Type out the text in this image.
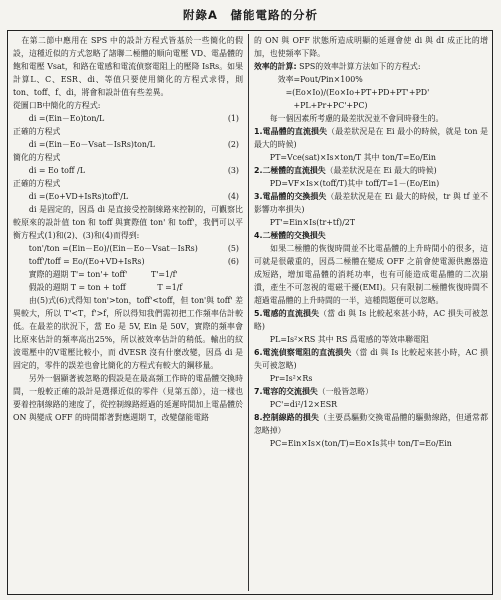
附錄A　儲能電路的分析

　在第二節中應用在 SPS 中的設計方程式皆基於一些簡化的假設，這種近似的方式忽略了諸聯二極體的順向電壓 VD、電晶體的飽和電壓 Vsat，和路在電感和電流偵察電阻上的壓降 IsRs。如果計算L、C、ESR、di、等值只要使用簡化的方程式求得，則 ton、toff、f、di，將會和設計值有些差異。

從圖口B中簡化的方程式:

　　di =(Ein－Eo)ton/L	(1)

正確的方程式

　　di =(Ein－Eo－Vsat－IsRs)ton/L	(2)

簡化的方程式

　　di = Eo toff /L	(3)

正確的方程式

　　di =(Eo+VD+IsRs)toff'/L	(4)

　　di 是固定的，因爲 di 是直接受控制線路來控制的，可觀察比較原來的設計值 ton 和 toff 與實際值 ton' 和 toff'，我們可以平衡方程式(1)和(2)、(3)和(4)而得到:

　　ton'/ton =(Ein－Eo)/(Ein－Eo－Vsat－IsRs)	(5)
　　toff'/toff = Eo/(Eo+VD+IsRs)	(6)
　　實際的週期 T'= ton'+ toff'　　　T'=1/f'
　　假設的週期 T = ton + toff　　　　T =1/f

　　由(5)式(6)式得知 ton'>ton，toff'<toff，但 ton'與 toff' 差異較大，所以 T'<T，f'>f，所以得知我們需初把工作頻率估計較低。在最差的狀況下，當 Eo 是 5V, Ein 是 50V，實際的頻率會比原來估計的頻率高出25%，所以被效率估計的稍低。輸出的紋波電壓中的V電壓比較小，而 dVESR 沒有什麼改變，因爲 di 是固定的，零件的誤差也會比簡化的方程式有較大的鋼移量。

　　另外一個顯著被忽略的假設是在最高頻工作時的電晶體交換時間，一般較正確的設計是選擇近似的零件（見第五節），這一樣也要着控制線路的速度了，從控制線路經過的延遲時間加上電晶體於 ON 與變成 OFF 的時間都著對應週期 T，改變儲能電路

的 ON 與 OFF 狀態所造成明顯的延遲會使 di 與 dI 成正比的增加，也使頻率下降。

效率的計算: SPS的效率計算方法如下的方程式:

　　　效率=Pout/Pin×100%
　　　　=(Eo×Io)/(Eo×Io+PT+PD+PT'+PD'
　　　　　+PL+Pr+PC'+PC)

　　每一個因素所考慮的最差狀況並不會同時發生的。

1.電晶體的直流損失（最差狀況是在 Ei 最小的時候，就是 ton 是最大的時候)

　　PT=Vce(sat)×Is×ton/T 其中 ton/T=Eo/Ein

2.二極體的直流損失（最差狀況是在 Ei 最大的時候)

　　PD=VF×Is×(toff/T)其中 toff/T=1－(Eo/Ein)

3.電晶體的交換損失（最差狀況是在 Ei 最大的時候，tr 與 tf 並不影響功率損失)

　　PT'=Ein×Is(tr+tf)/2T

4.二極體的交換損失

　　如果二極體的恢復時間並不比電晶體的上升時間小的很多，這可就是很嚴重的，因爲二極體在變成 OFF 之前會使電源供應器造成短路，增加電晶體的消耗功率，也有可能造成電晶體的二次崩潰，產生不可忽視的電磁干擾(EMI)。只有限制二極體恢復時間不超過電晶體的上升時間的一半，這種問題便可以忽略。

5.電感的直流損失（當 di 與 Is 比較起來甚小時，AC 損失可被忽略)

　　PL=Is²×RS 其中 RS 爲電感的等效串聯電阻

6.電流偵察電阻的直流損失（當 di 與 Is 比較起來甚小時，AC 損失可被忽略)

　　Pr=Is²×Rs

7.電容的交流損失（一般皆忽略）

　　PC'=di²/12×ESR

8.控制線路的損失（主要爲驅動交換電晶體的驅動線路，但通常都忽略掉）

　　PC=Ein×Is×(ton/T)=Eo×Is其中 ton/T=Eo/Ein
